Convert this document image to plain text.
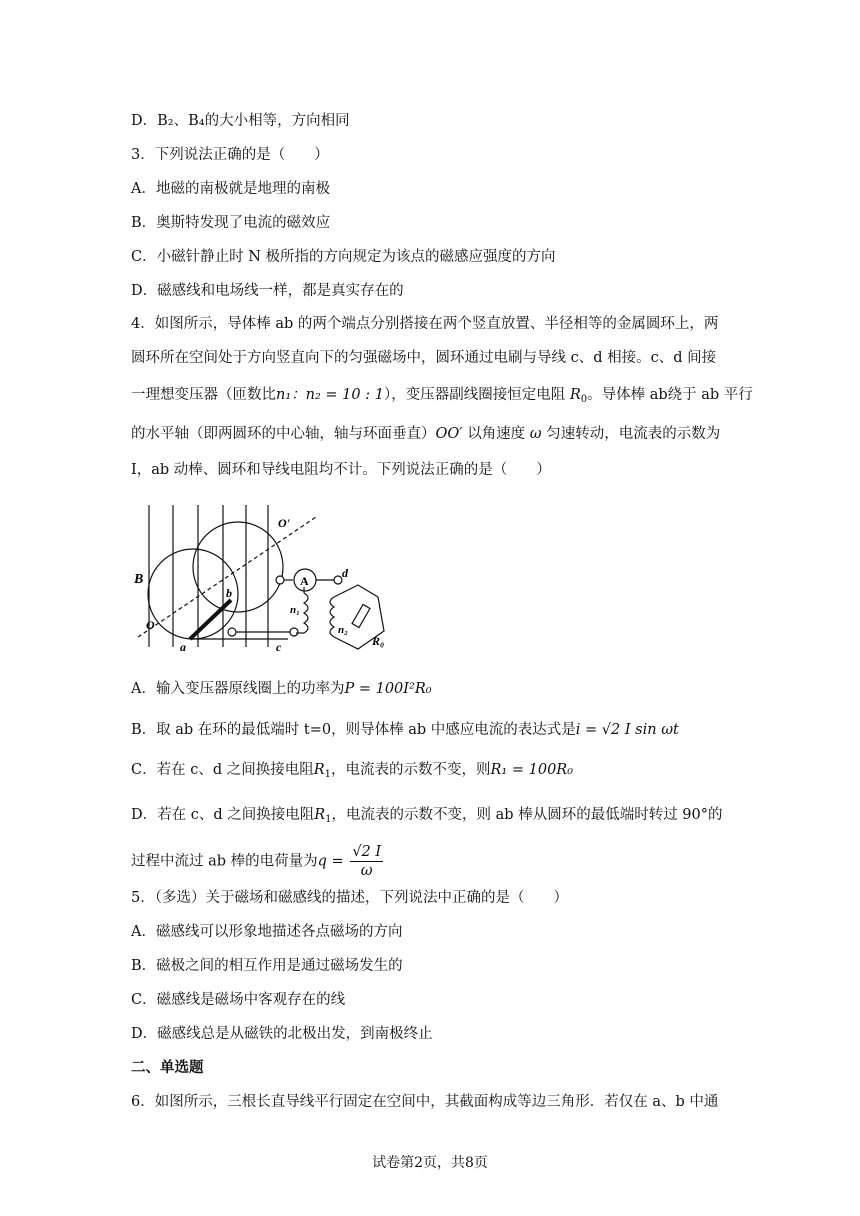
D．B₂、B₄的大小相等，方向相同
3．下列说法正确的是（　　）
A．地磁的南极就是地理的南极
B．奥斯特发现了电流的磁效应
C．小磁针静止时 N 极所指的方向规定为该点的磁感应强度的方向
D．磁感线和电场线一样，都是真实存在的
4．如图所示，导体棒 ab 的两个端点分别搭接在两个竖直放置、半径相等的金属圆环上，两
圆环所在空间处于方向竖直向下的匀强磁场中，圆环通过电刷与导线 c、d 相接。c、d 间接
一理想变压器（匝数比n₁：n₂ = 10 : 1），变压器副线圈接恒定电阻 $R_0$。导体棒 ab绕于 ab 平行
的水平轴（即两圆环的中心轴，轴与环面垂直）OO′ 以角速度 ω 匀速转动，电流表的示数为
I，ab 动棒、圆环和导线电阻均不计。下列说法正确的是（　　）
B
O
O'
a
b
c
d
A
n₁
n₂
R₀
A．输入变压器原线圈上的功率为P = 100I²R₀
B．取 ab 在环的最低端时 t=0，则导体棒 ab 中感应电流的表达式是i = √2 I sin ωt
C．若在 c、d 之间换接电阻$R_1$，电流表的示数不变，则R₁ = 100R₀
D．若在 c、d 之间换接电阻$R_1$，电流表的示数不变，则 ab 棒从圆环的最低端时转过 90°的
过程中流过 ab 棒的电荷量为$q = \frac{√2 I}{\omega}$
5．（多选）关于磁场和磁感线的描述，下列说法中正确的是（　　）
A．磁感线可以形象地描述各点磁场的方向
B．磁极之间的相互作用是通过磁场发生的
C．磁感线是磁场中客观存在的线
D．磁感线总是从磁铁的北极出发，到南极终止
二、单选题
6．如图所示，三根长直导线平行固定在空间中，其截面构成等边三角形．若仅在 a、b 中通
试卷第2页，共8页
